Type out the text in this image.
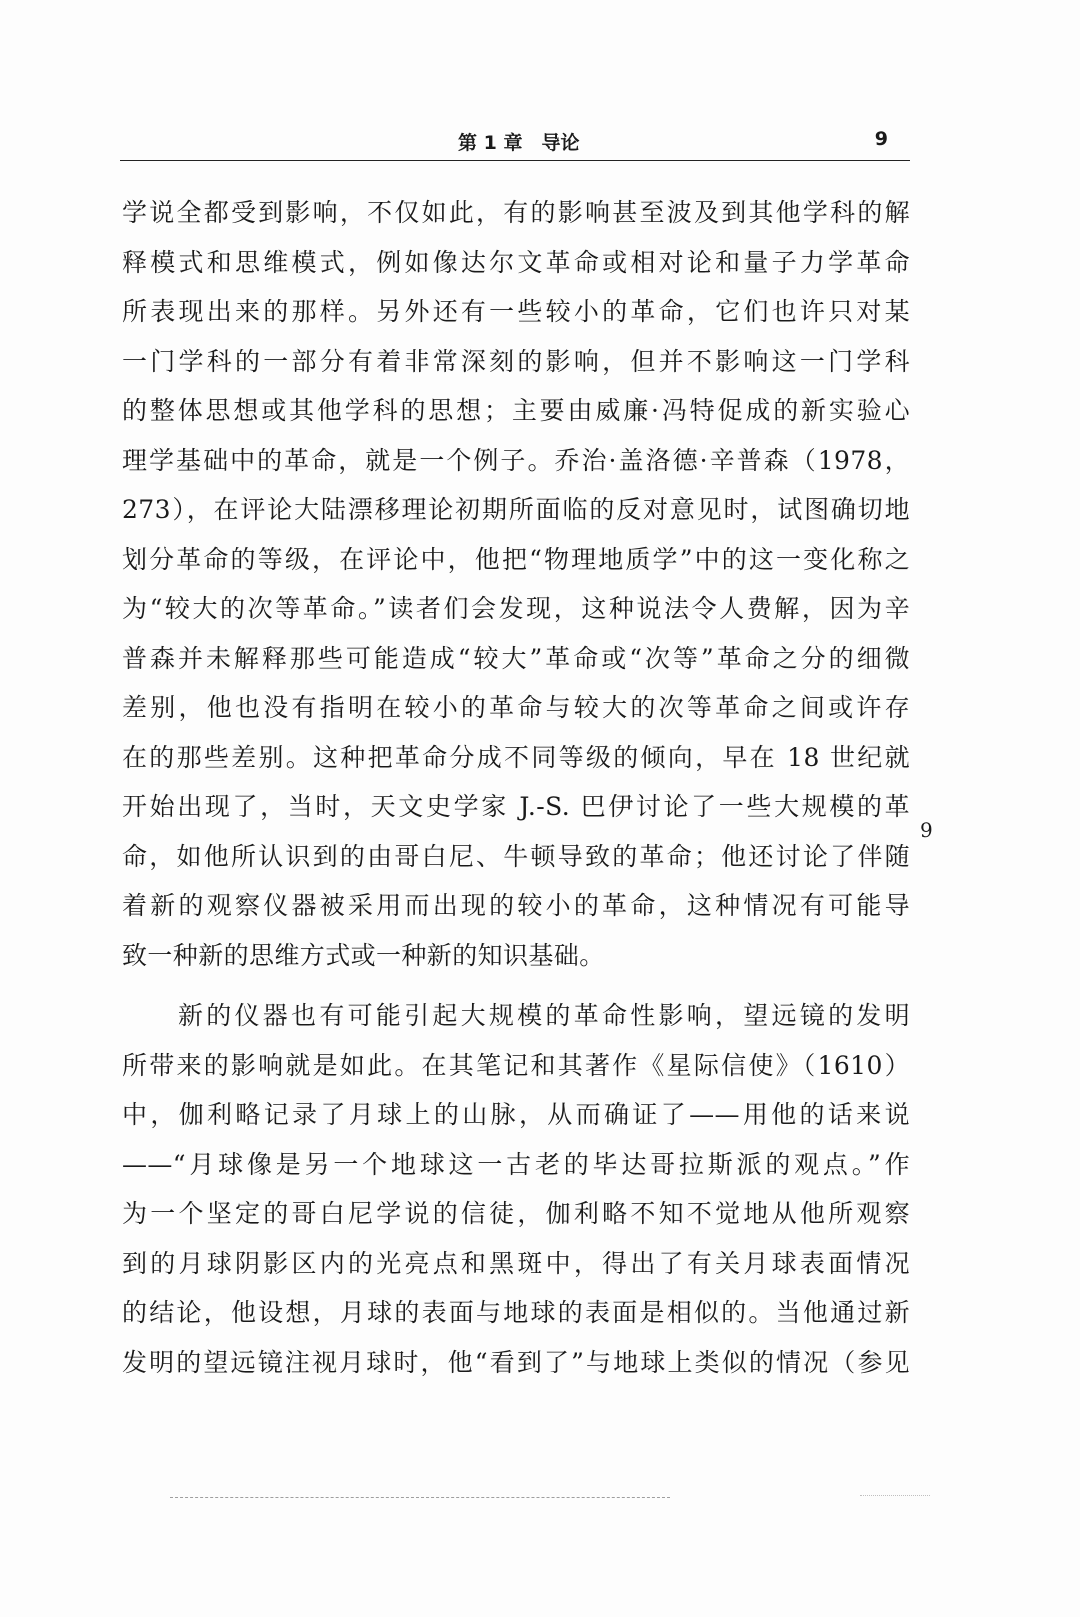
第 1 章　导论	9
学说全都受到影响，不仅如此，有的影响甚至波及到其他学科的解
释模式和思维模式，例如像达尔文革命或相对论和量子力学革命
所表现出来的那样。另外还有一些较小的革命，它们也许只对某
一门学科的一部分有着非常深刻的影响，但并不影响这一门学科
的整体思想或其他学科的思想；主要由威廉·冯特促成的新实验心
理学基础中的革命，就是一个例子。乔治·盖洛德·辛普森（1978，
273），在评论大陆漂移理论初期所面临的反对意见时，试图确切地
划分革命的等级，在评论中，他把“物理地质学”中的这一变化称之
为“较大的次等革命。”读者们会发现，这种说法令人费解，因为辛
普森并未解释那些可能造成“较大”革命或“次等”革命之分的细微
差别，他也没有指明在较小的革命与较大的次等革命之间或许存
在的那些差别。这种把革命分成不同等级的倾向，早在 18 世纪就
开始出现了，当时，天文史学家 J.-S. 巴伊讨论了一些大规模的革
命，如他所认识到的由哥白尼、牛顿导致的革命；他还讨论了伴随
着新的观察仪器被采用而出现的较小的革命，这种情况有可能导
致一种新的思维方式或一种新的知识基础。
新的仪器也有可能引起大规模的革命性影响，望远镜的发明
所带来的影响就是如此。在其笔记和其著作《星际信使》（1610）
中，伽利略记录了月球上的山脉，从而确证了——用他的话来说
——“月球像是另一个地球这一古老的毕达哥拉斯派的观点。”作
为一个坚定的哥白尼学说的信徒，伽利略不知不觉地从他所观察
到的月球阴影区内的光亮点和黑斑中，得出了有关月球表面情况
的结论，他设想，月球的表面与地球的表面是相似的。当他通过新
发明的望远镜注视月球时，他“看到了”与地球上类似的情况（参见
9
